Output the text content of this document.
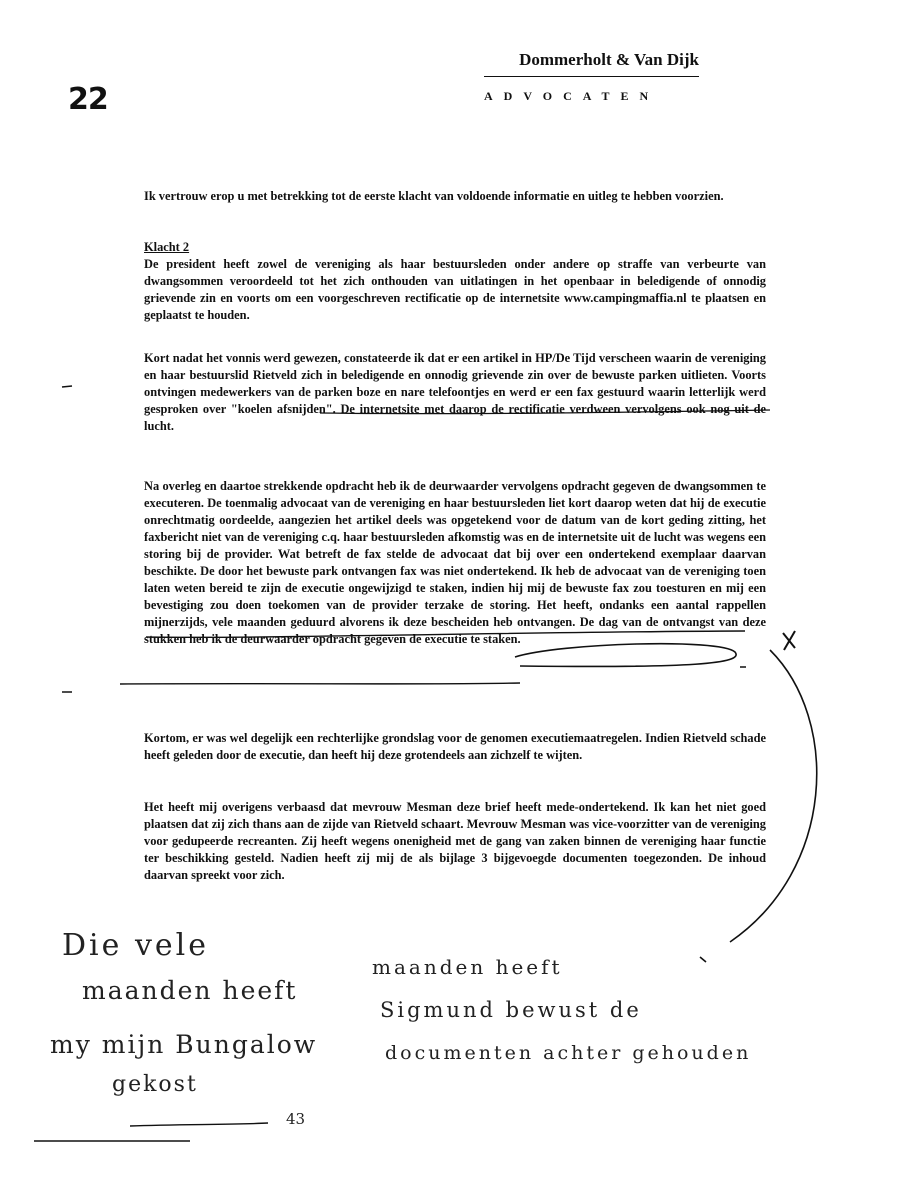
22
Dommerholt & Van Dijk
ADVOCATEN

Ik vertrouw erop u met betrekking tot de eerste klacht van voldoende informatie en uitleg te hebben voorzien.

Klacht 2

De president heeft zowel de vereniging als haar bestuursleden onder andere op straffe van verbeurte van dwangsommen veroordeeld tot het zich onthouden van uitlatingen in het openbaar in beledigende of onnodig grievende zin en voorts om een voorgeschreven rectificatie op de internetsite www.campingmaffia.nl te plaatsen en geplaatst te houden.

Kort nadat het vonnis werd gewezen, constateerde ik dat er een artikel in HP/De Tijd verscheen waarin de vereniging en haar bestuurslid Rietveld zich in beledigende en onnodig grievende zin over de bewuste parken uitlieten. Voorts ontvingen medewerkers van de parken boze en nare telefoontjes en werd er een fax gestuurd waarin letterlijk werd gesproken over "koelen afsnijden". De internetsite met daarop de rectificatie verdween vervolgens ook nog uit de lucht.

Na overleg en daartoe strekkende opdracht heb ik de deurwaarder vervolgens opdracht gegeven de dwangsommen te executeren. De toenmalig advocaat van de vereniging en haar bestuursleden liet kort daarop weten dat hij de executie onrechtmatig oordeelde, aangezien het artikel deels was opgetekend voor de datum van de kort geding zitting, het faxbericht niet van de vereniging c.q. haar bestuursleden afkomstig was en de internetsite uit de lucht was wegens een storing bij de provider. Wat betreft de fax stelde de advocaat dat bij over een ondertekend exemplaar daarvan beschikte. De door het bewuste park ontvangen fax was niet ondertekend. Ik heb de advocaat van de vereniging toen laten weten bereid te zijn de executie ongewijzigd te staken, indien hij mij de bewuste fax zou toesturen en mij een bevestiging zou doen toekomen van de provider terzake de storing. Het heeft, ondanks een aantal rappellen mijnerzijds, vele maanden geduurd alvorens ik deze bescheiden heb ontvangen. De dag van de ontvangst van deze stukken heb ik de deurwaarder opdracht gegeven de executie te staken.

Kortom, er was wel degelijk een rechterlijke grondslag voor de genomen executiemaatregelen. Indien Rietveld schade heeft geleden door de executie, dan heeft hij deze grotendeels aan zichzelf te wijten.

Het heeft mij overigens verbaasd dat mevrouw Mesman deze brief heeft mede-ondertekend. Ik kan het niet goed plaatsen dat zij zich thans aan de zijde van Rietveld schaart. Mevrouw Mesman was vice-voorzitter van de vereniging voor gedupeerde recreanten. Zij heeft wegens onenigheid met de gang van zaken binnen de vereniging haar functie ter beschikking gesteld. Nadien heeft zij mij de als bijlage 3 bijgevoegde documenten toegezonden. De inhoud daarvan spreekt voor zich.

Die vele
maanden heeft
my mijn Bungalow
gekost
maanden heeft
Sigmund bewust de
documenten achter gehouden
43
